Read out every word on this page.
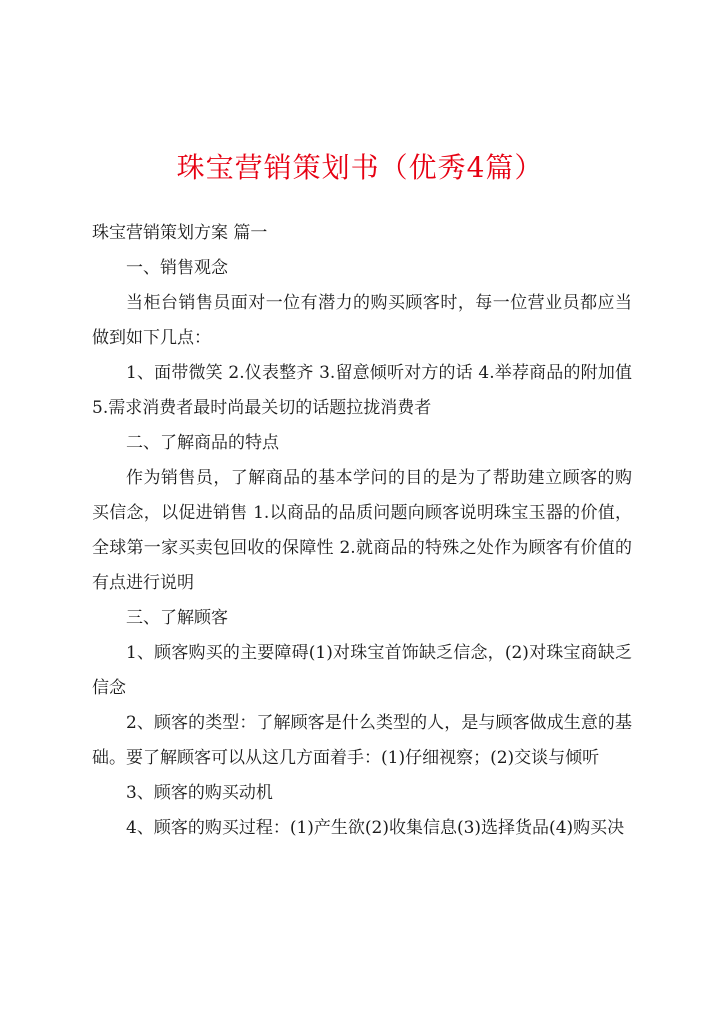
珠宝营销策划书（优秀4篇）

珠宝营销策划方案 篇一

一、销售观念

当柜台销售员面对一位有潜力的购买顾客时，每一位营业员都应当做到如下几点：

1、面带微笑 2.仪表整齐 3.留意倾听对方的话 4.举荐商品的附加值 5.需求消费者最时尚最关切的话题拉拢消费者

二、了解商品的特点

作为销售员，了解商品的基本学问的目的是为了帮助建立顾客的购买信念，以促进销售 1.以商品的品质问题向顾客说明珠宝玉器的价值，全球第一家买卖包回收的保障性 2.就商品的特殊之处作为顾客有价值的有点进行说明

三、了解顾客

1、顾客购买的主要障碍(1)对珠宝首饰缺乏信念，(2)对珠宝商缺乏信念

2、顾客的类型：了解顾客是什么类型的人，是与顾客做成生意的基础。要了解顾客可以从这几方面着手：(1)仔细视察；(2)交谈与倾听

3、顾客的购买动机

4、顾客的购买过程：(1)产生欲(2)收集信息(3)选择货品(4)购买决
